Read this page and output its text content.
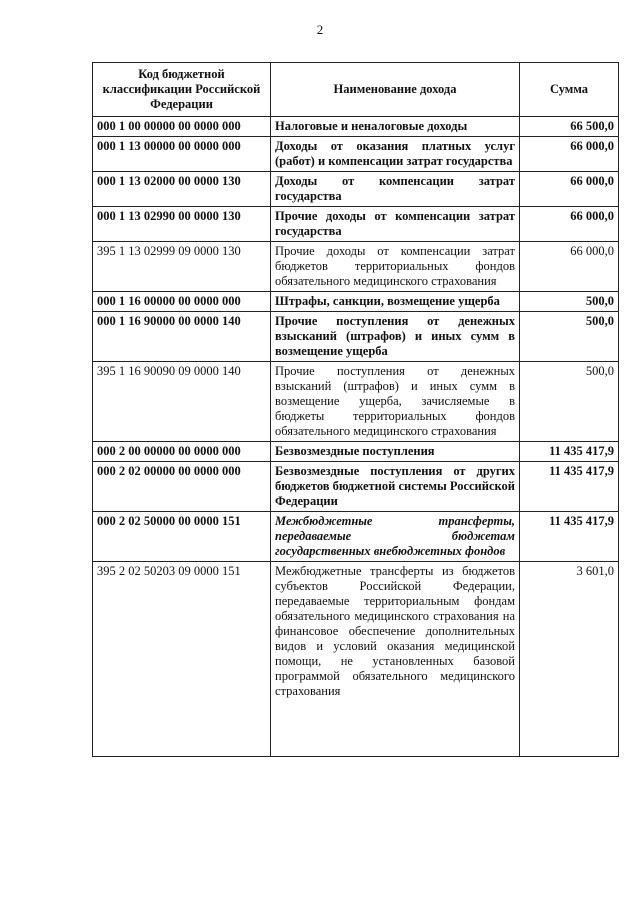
2
Код бюджетной классификации Российской Федерации	Наименование дохода	Сумма
000 1 00 00000 00 0000 000	Налоговые и неналоговые доходы	66 500,0
000 1 13 00000 00 0000 000	Доходы от оказания платных услуг (работ) и компенсации затрат государства	66 000,0
000 1 13 02000 00 0000 130	Доходы от компенсации затрат государства	66 000,0
000 1 13 02990 00 0000 130	Прочие доходы от компенсации затрат государства	66 000,0
395 1 13 02999 09 0000 130	Прочие доходы от компенсации затрат бюджетов территориальных фондов обязательного медицинского страхования	66 000,0
000 1 16 00000 00 0000 000	Штрафы, санкции, возмещение ущерба	500,0
000 1 16 90000 00 0000 140	Прочие поступления от денежных взысканий (штрафов) и иных сумм в возмещение ущерба	500,0
395 1 16 90090 09 0000 140	Прочие поступления от денежных взысканий (штрафов) и иных сумм в возмещение ущерба, зачисляемые в бюджеты территориальных фондов обязательного медицинского страхования	500,0
000 2 00 00000 00 0000 000	Безвозмездные поступления	11 435 417,9
000 2 02 00000 00 0000 000	Безвозмездные поступления от других бюджетов бюджетной системы Российской Федерации	11 435 417,9
000 2 02 50000 00 0000 151	Межбюджетные трансферты, передаваемые бюджетам государственных внебюджетных фондов	11 435 417,9
395 2 02 50203 09 0000 151	Межбюджетные трансферты из бюджетов субъектов Российской Федерации, передаваемые территориальным фондам обязательного медицинского страхования на финансовое обеспечение дополнительных видов и условий оказания медицинской помощи, не установленных базовой программой обязательного медицинского страхования	3 601,0
